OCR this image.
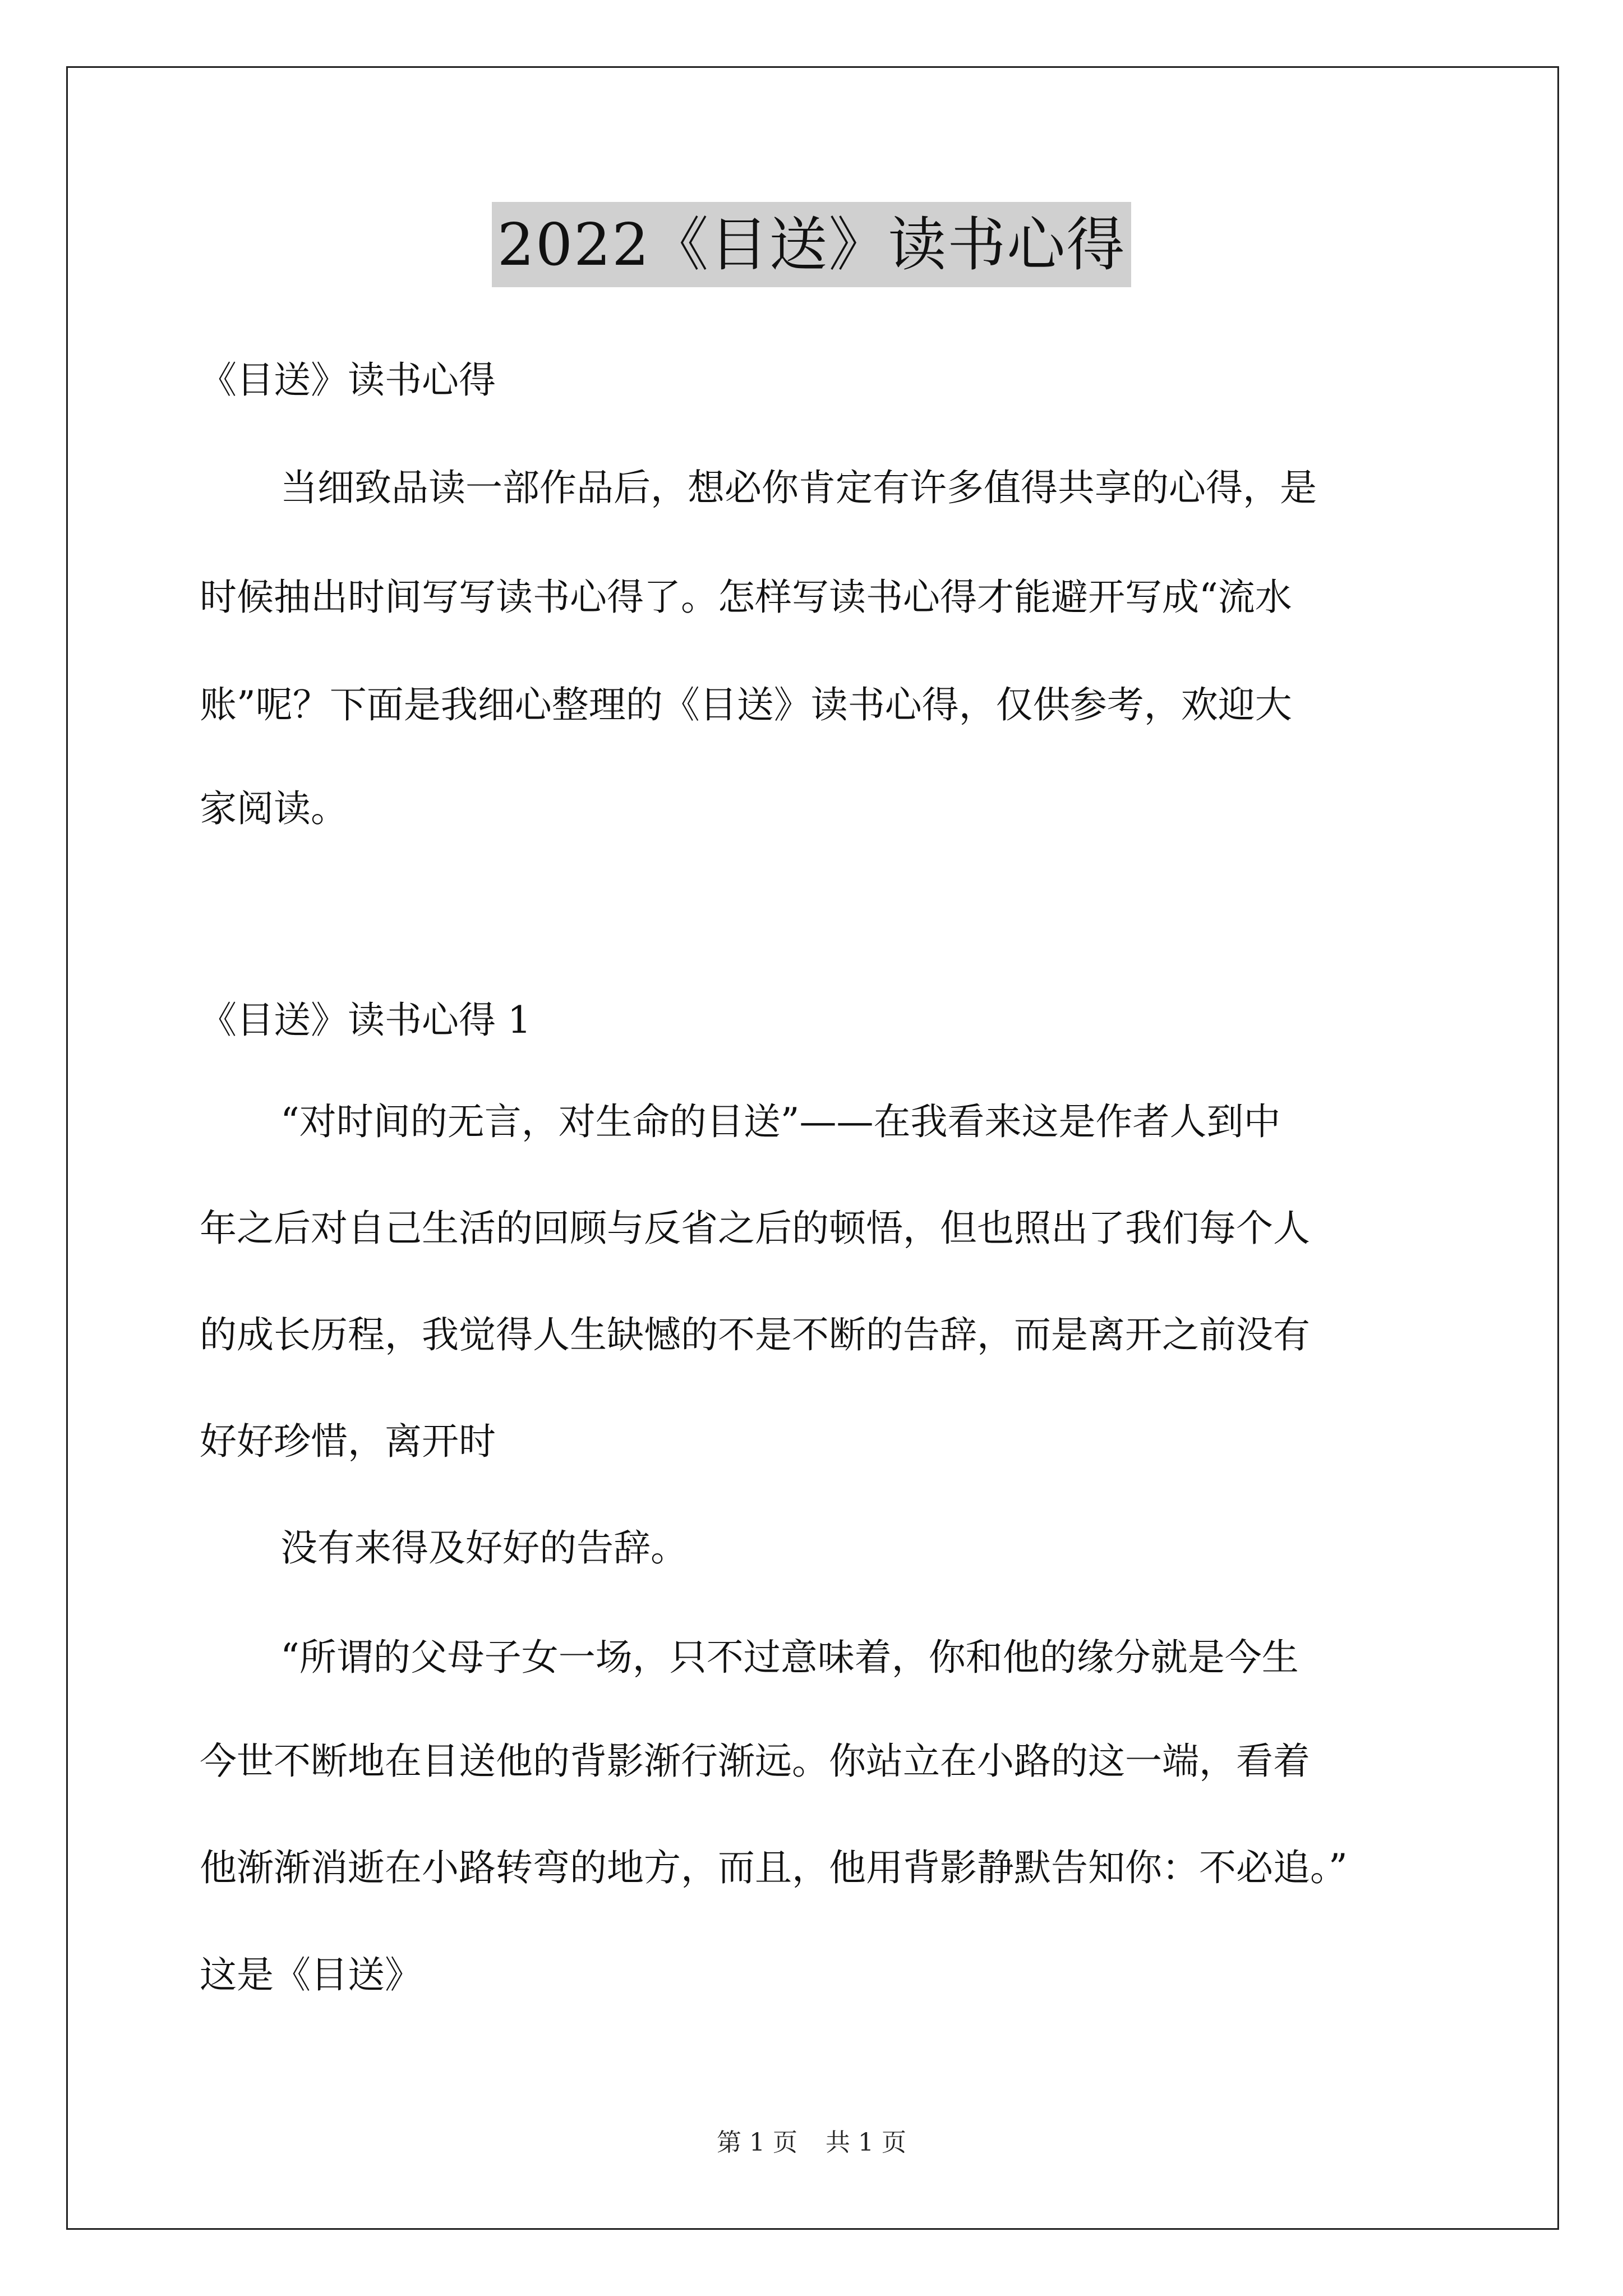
2022《目送》读书心得
《目送》读书心得
当细致品读一部作品后，想必你肯定有许多值得共享的心得，是
时候抽出时间写写读书心得了。怎样写读书心得才能避开写成“流水
账”呢？下面是我细心整理的《目送》读书心得，仅供参考，欢迎大
家阅读。
《目送》读书心得 1
“对时间的无言，对生命的目送”——在我看来这是作者人到中
年之后对自己生活的回顾与反省之后的顿悟，但也照出了我们每个人
的成长历程，我觉得人生缺憾的不是不断的告辞，而是离开之前没有
好好珍惜，离开时
没有来得及好好的告辞。
“所谓的父母子女一场，只不过意味着，你和他的缘分就是今生
今世不断地在目送他的背影渐行渐远。你站立在小路的这一端，看着
他渐渐消逝在小路转弯的地方，而且，他用背影静默告知你：不必追。”
这是《目送》
第 1 页 共 1 页
